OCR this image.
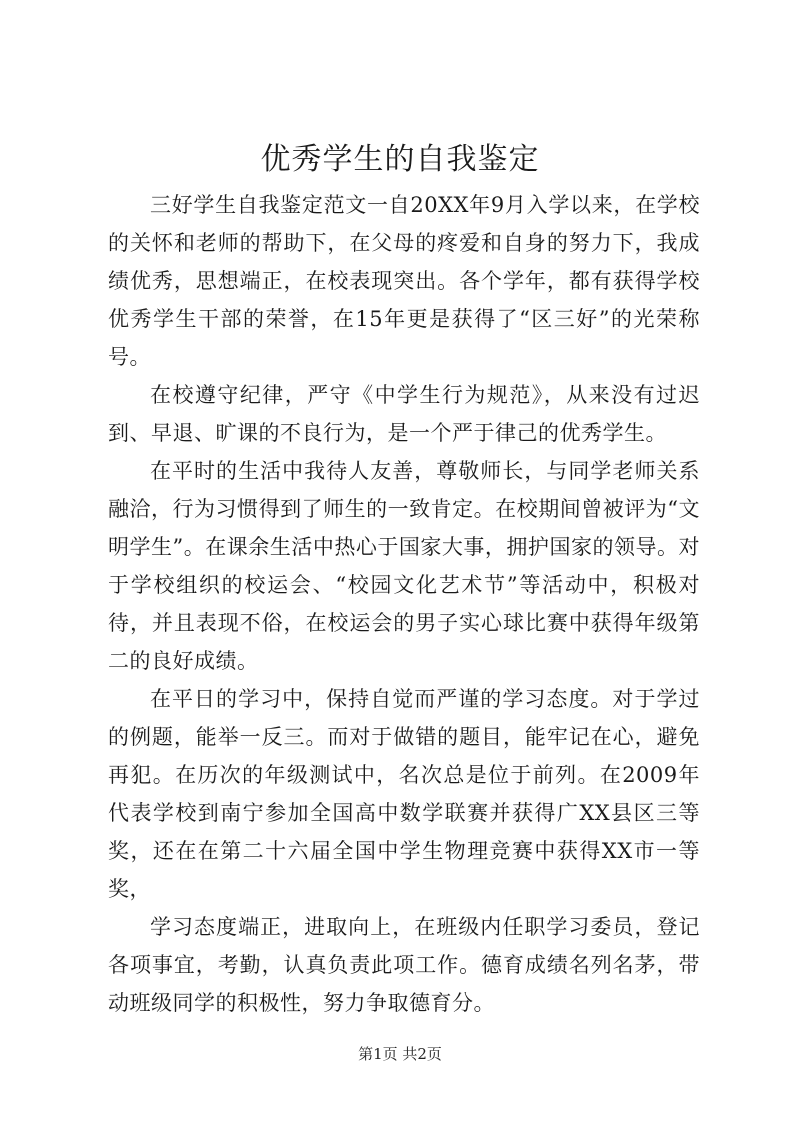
优秀学生的自我鉴定

三好学生自我鉴定范文一自20XX年9月入学以来，在学校的关怀和老师的帮助下，在父母的疼爱和自身的努力下，我成绩优秀，思想端正，在校表现突出。各个学年，都有获得学校优秀学生干部的荣誉，在15年更是获得了“区三好”的光荣称号。

在校遵守纪律，严守《中学生行为规范》，从来没有过迟到、早退、旷课的不良行为，是一个严于律己的优秀学生。

在平时的生活中我待人友善，尊敬师长，与同学老师关系融洽，行为习惯得到了师生的一致肯定。在校期间曾被评为“文明学生”。在课余生活中热心于国家大事，拥护国家的领导。对于学校组织的校运会、“校园文化艺术节”等活动中，积极对待，并且表现不俗，在校运会的男子实心球比赛中获得年级第二的良好成绩。

在平日的学习中，保持自觉而严谨的学习态度。对于学过的例题，能举一反三。而对于做错的题目，能牢记在心，避免再犯。在历次的年级测试中，名次总是位于前列。在2009年代表学校到南宁参加全国高中数学联赛并获得广XX县区三等奖，还在在第二十六届全国中学生物理竞赛中获得XX市一等奖，

学习态度端正，进取向上，在班级内任职学习委员，登记各项事宜，考勤，认真负责此项工作。德育成绩名列名茅，带动班级同学的积极性，努力争取德育分。

第1页 共2页
